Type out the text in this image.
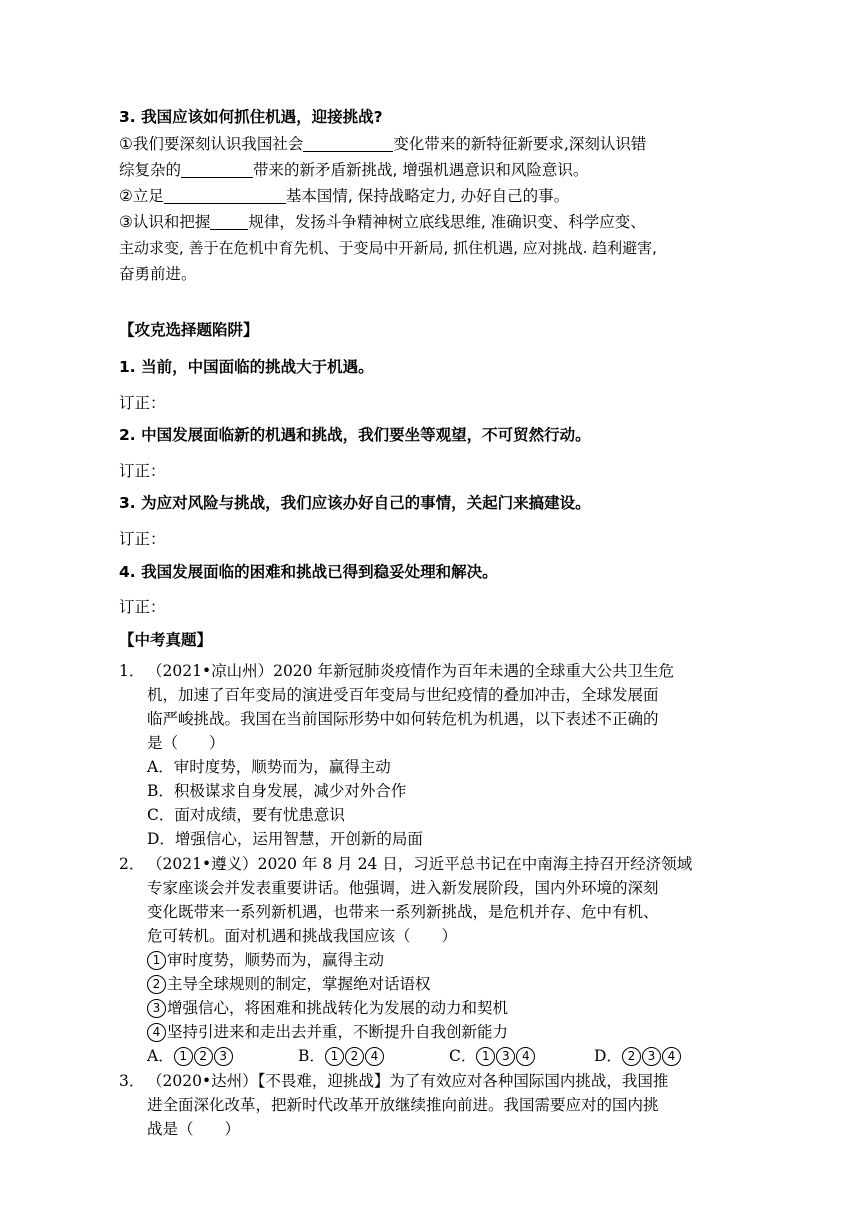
3. 我国应该如何抓住机遇，迎接挑战?
①我们要深刻认识我国社会	变化带来的新特征新要求,深刻认识错
综复杂的	带来的新矛盾新挑战, 增强机遇意识和风险意识。
②立足	基本国情, 保持战略定力, 办好自己的事。
③认识和把握 规律，发扬斗争精神树立底线思维, 准确识变、科学应变、
主动求变, 善于在危机中育先机、于变局中开新局, 抓住机遇, 应对挑战. 趋利避害,
奋勇前进。
【攻克选择题陷阱】
1. 当前，中国面临的挑战大于机遇。
订正：
2. 中国发展面临新的机遇和挑战，我们要坐等观望，不可贸然行动。
订正：
3. 为应对风险与挑战，我们应该办好自己的事情，关起门来搞建设。
订正：
4. 我国发展面临的困难和挑战已得到稳妥处理和解决。
订正：
【中考真题】
1． （2021•凉山州）2020 年新冠肺炎疫情作为百年未遇的全球重大公共卫生危
机，加速了百年变局的演进受百年变局与世纪疫情的叠加冲击，全球发展面
临严峻挑战。我国在当前国际形势中如何转危机为机遇，以下表述不正确的
是（　　）
A．审时度势，顺势而为，赢得主动
B．积极谋求自身发展，减少对外合作
C．面对成绩，要有忧患意识
D．增强信心，运用智慧，开创新的局面
2． （2021•遵义）2020 年 8 月 24 日，习近平总书记在中南海主持召开经济领域
专家座谈会并发表重要讲话。他强调，进入新发展阶段，国内外环境的深刻
变化既带来一系列新机遇，也带来一系列新挑战，是危机并存、危中有机、
危可转机。面对机遇和挑战我国应该（　　）
1 审时度势，顺势而为，赢得主动
2 主导全球规则的制定，掌握绝对话语权
3 增强信心，将困难和挑战转化为发展的动力和契机
4 坚持引进来和走出去并重，不断提升自我创新能力
A． 1 2 3	B． 1 2 4	C． 1 3 4	D． 2 3 4
3． （2020•达州）【不畏难，迎挑战】为了有效应对各种国际国内挑战，我国推
进全面深化改革，把新时代改革开放继续推向前进。我国需要应对的国内挑
战是（　　）
